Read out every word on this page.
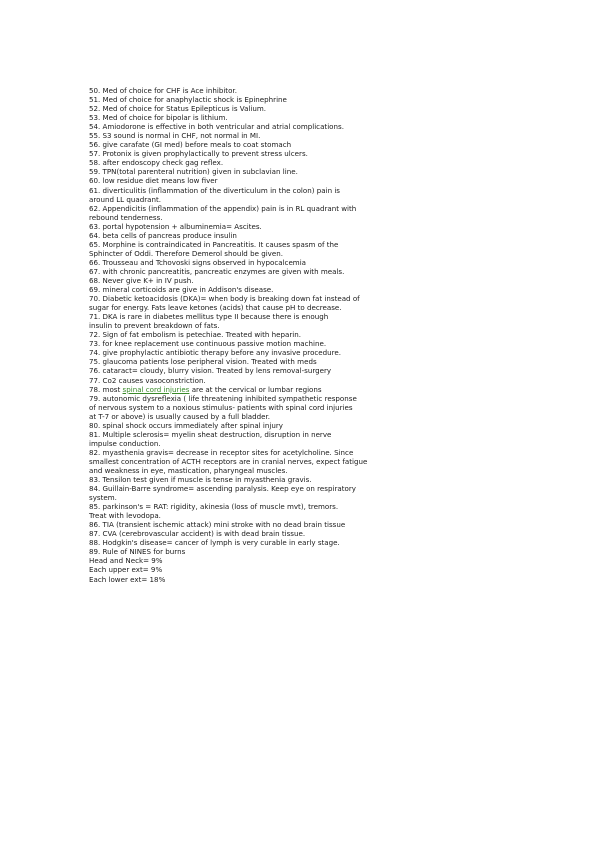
50. Med of choice for CHF is Ace inhibitor.
51. Med of choice for anaphylactic shock is Epinephrine
52. Med of choice for Status Epilepticus is Valium.
53. Med of choice for bipolar is lithium.
54. Amiodorone is effective in both ventricular and atrial complications.
55. S3 sound is normal in CHF, not normal in MI.
56. give carafate (GI med) before meals to coat stomach
57. Protonix is given prophylactically to prevent stress ulcers.
58. after endoscopy check gag reflex.
59. TPN(total parenteral nutrition) given in subclavian line.
60. low residue diet means low fiver
61. diverticulitis (inflammation of the diverticulum in the colon) pain is
around LL quadrant.
62. Appendicitis (inflammation of the appendix) pain is in RL quadrant with
rebound tenderness.
63. portal hypotension + albuminemia= Ascites.
64. beta cells of pancreas produce insulin
65. Morphine is contraindicated in Pancreatitis. It causes spasm of the
Sphincter of Oddi. Therefore Demerol should be given.
66. Trousseau and Tchovoski signs observed in hypocalcemia
67. with chronic pancreatitis, pancreatic enzymes are given with meals.
68. Never give K+ in IV push.
69. mineral corticoids are give in Addison's disease.
70. Diabetic ketoacidosis (DKA)= when body is breaking down fat instead of
sugar for energy. Fats leave ketones (acids) that cause pH to decrease.
71. DKA is rare in diabetes mellitus type II because there is enough
insulin to prevent breakdown of fats.
72. Sign of fat embolism is petechiae. Treated with heparin.
73. for knee replacement use continuous passive motion machine.
74. give prophylactic antibiotic therapy before any invasive procedure.
75. glaucoma patients lose peripheral vision. Treated with meds
76. cataract= cloudy, blurry vision. Treated by lens removal-surgery
77. Co2 causes vasoconstriction.
78. most spinal cord injuries are at the cervical or lumbar regions
79. autonomic dysreflexia ( life threatening inhibited sympathetic response
of nervous system to a noxious stimulus- patients with spinal cord injuries
at T-7 or above) is usually caused by a full bladder.
80. spinal shock occurs immediately after spinal injury
81. Multiple sclerosis= myelin sheat destruction, disruption in nerve
impulse conduction.
82. myasthenia gravis= decrease in receptor sites for acetylcholine. Since
smallest concentration of ACTH receptors are in cranial nerves, expect fatigue
and weakness in eye, mastication, pharyngeal muscles.
83. Tensilon test given if muscle is tense in myasthenia gravis.
84. Guillain-Barre syndrome= ascending paralysis. Keep eye on respiratory
system.
85. parkinson's = RAT: rigidity, akinesia (loss of muscle mvt), tremors.
Treat with levodopa.
86. TIA (transient ischemic attack) mini stroke with no dead brain tissue
87. CVA (cerebrovascular accident) is with dead brain tissue.
88. Hodgkin's disease= cancer of lymph is very curable in early stage.
89. Rule of NINES for burns
Head and Neck= 9%
Each upper ext= 9%
Each lower ext= 18%
